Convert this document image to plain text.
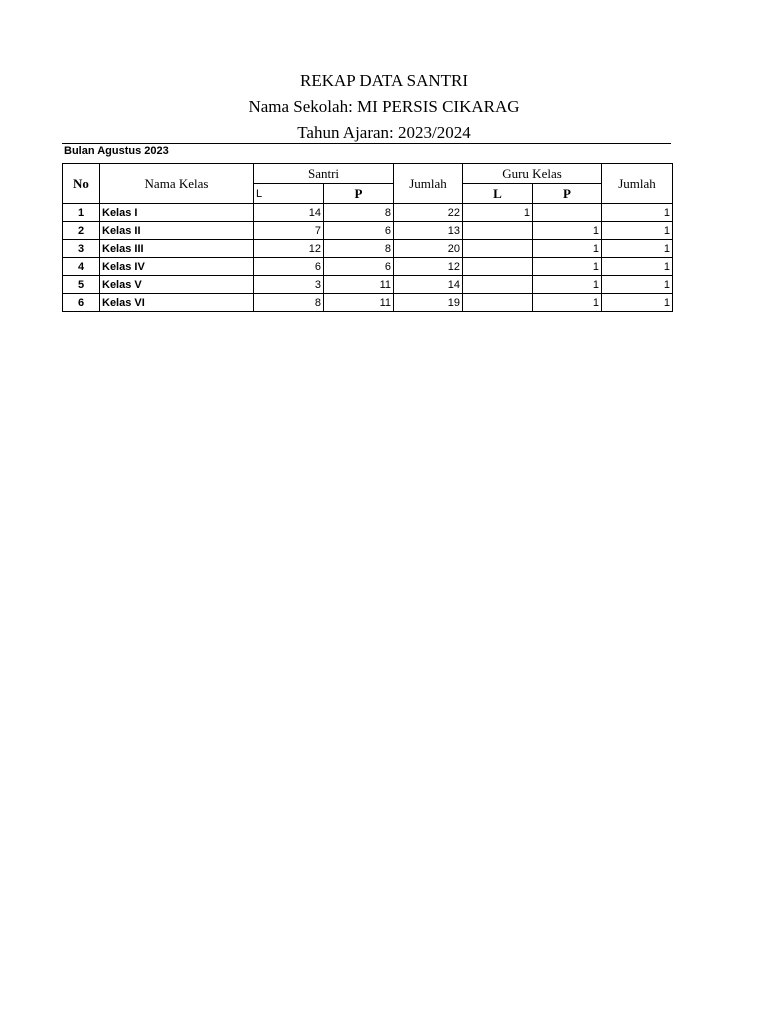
REKAP DATA SANTRI
Nama Sekolah: MI PERSIS CIKARAG
Tahun Ajaran: 2023/2024
Bulan Agustus 2023
No	Nama Kelas	Santri		Jumlah	Guru Kelas		Jumlah
		L	P		L	P	
1	Kelas I	14	8	22	1		1
2	Kelas II	7	6	13		1	1
3	Kelas III	12	8	20		1	1
4	Kelas IV	6	6	12		1	1
5	Kelas V	3	11	14		1	1
6	Kelas VI	8	11	19		1	1
